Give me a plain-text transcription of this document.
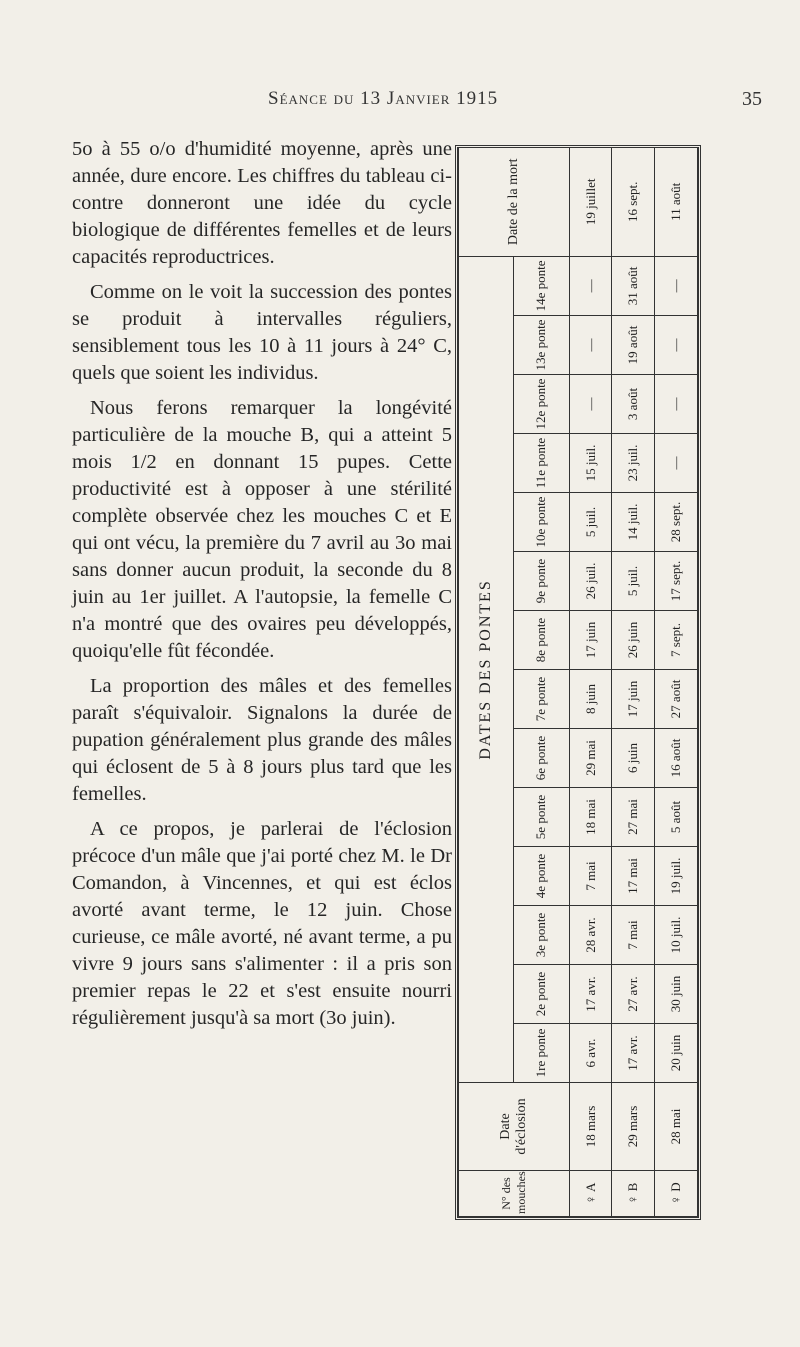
Séance du 13 Janvier 1915	35

5o à 55 o/o d'humidité moyenne, après une année, dure encore. Les chiffres du tableau ci-contre donneront une idée du cycle biologique de différentes femelles et de leurs capacités reproductrices.

Comme on le voit la succession des pontes se produit à intervalles réguliers, sensiblement tous les 10 à 11 jours à 24° C, quels que soient les individus.

Nous ferons remarquer la longévité particulière de la mouche B, qui a atteint 5 mois 1/2 en donnant 15 pupes. Cette productivité est à opposer à une stérilité complète observée chez les mouches C et E qui ont vécu, la première du 7 avril au 3o mai sans donner aucun produit, la seconde du 8 juin au 1er juillet. A l'autopsie, la femelle C n'a montré que des ovaires peu développés, quoiqu'elle fût fécondée.

La proportion des mâles et des femelles paraît s'équivaloir. Signalons la durée de pupation généralement plus grande des mâles qui éclosent de 5 à 8 jours plus tard que les femelles.

A ce propos, je parlerai de l'éclosion précoce d'un mâle que j'ai porté chez M. le Dr Comandon, à Vincennes, et qui est éclos avorté avant terme, le 12 juin. Chose curieuse, ce mâle avorté, né avant terme, a pu vivre 9 jours sans s'alimenter : il a pris son premier repas le 22 et s'est ensuite nourri régulièrement jusqu'à sa mort (3o juin).

N° des mouches	Date d'éclosion	DATES DES PONTES														Date de la mort
		1re ponte	2e ponte	3e ponte	4e ponte	5e ponte	6e ponte	7e ponte	8e ponte	9e ponte	10e ponte	11e ponte	12e ponte	13e ponte	14e ponte	
♀ A	18 mars	6 avr.	17 avr.	28 avr.	7 mai	18 mai	29 mai	8 juin	17 juin	26 juil.	5 juil.	15 juil.	—	—	—	19 juillet
♀ B	29 mars	17 avr.	27 avr.	7 mai	17 mai	27 mai	6 juin	17 juin	26 juin	5 juil.	14 juil.	23 juil.	3 août	19 août	31 août	16 sept.
♀ D	28 mai	20 juin	30 juin	10 juil.	19 juil.	5 août	16 août	27 août	7 sept.	17 sept.	28 sept.	—	—	—	—	11 août
